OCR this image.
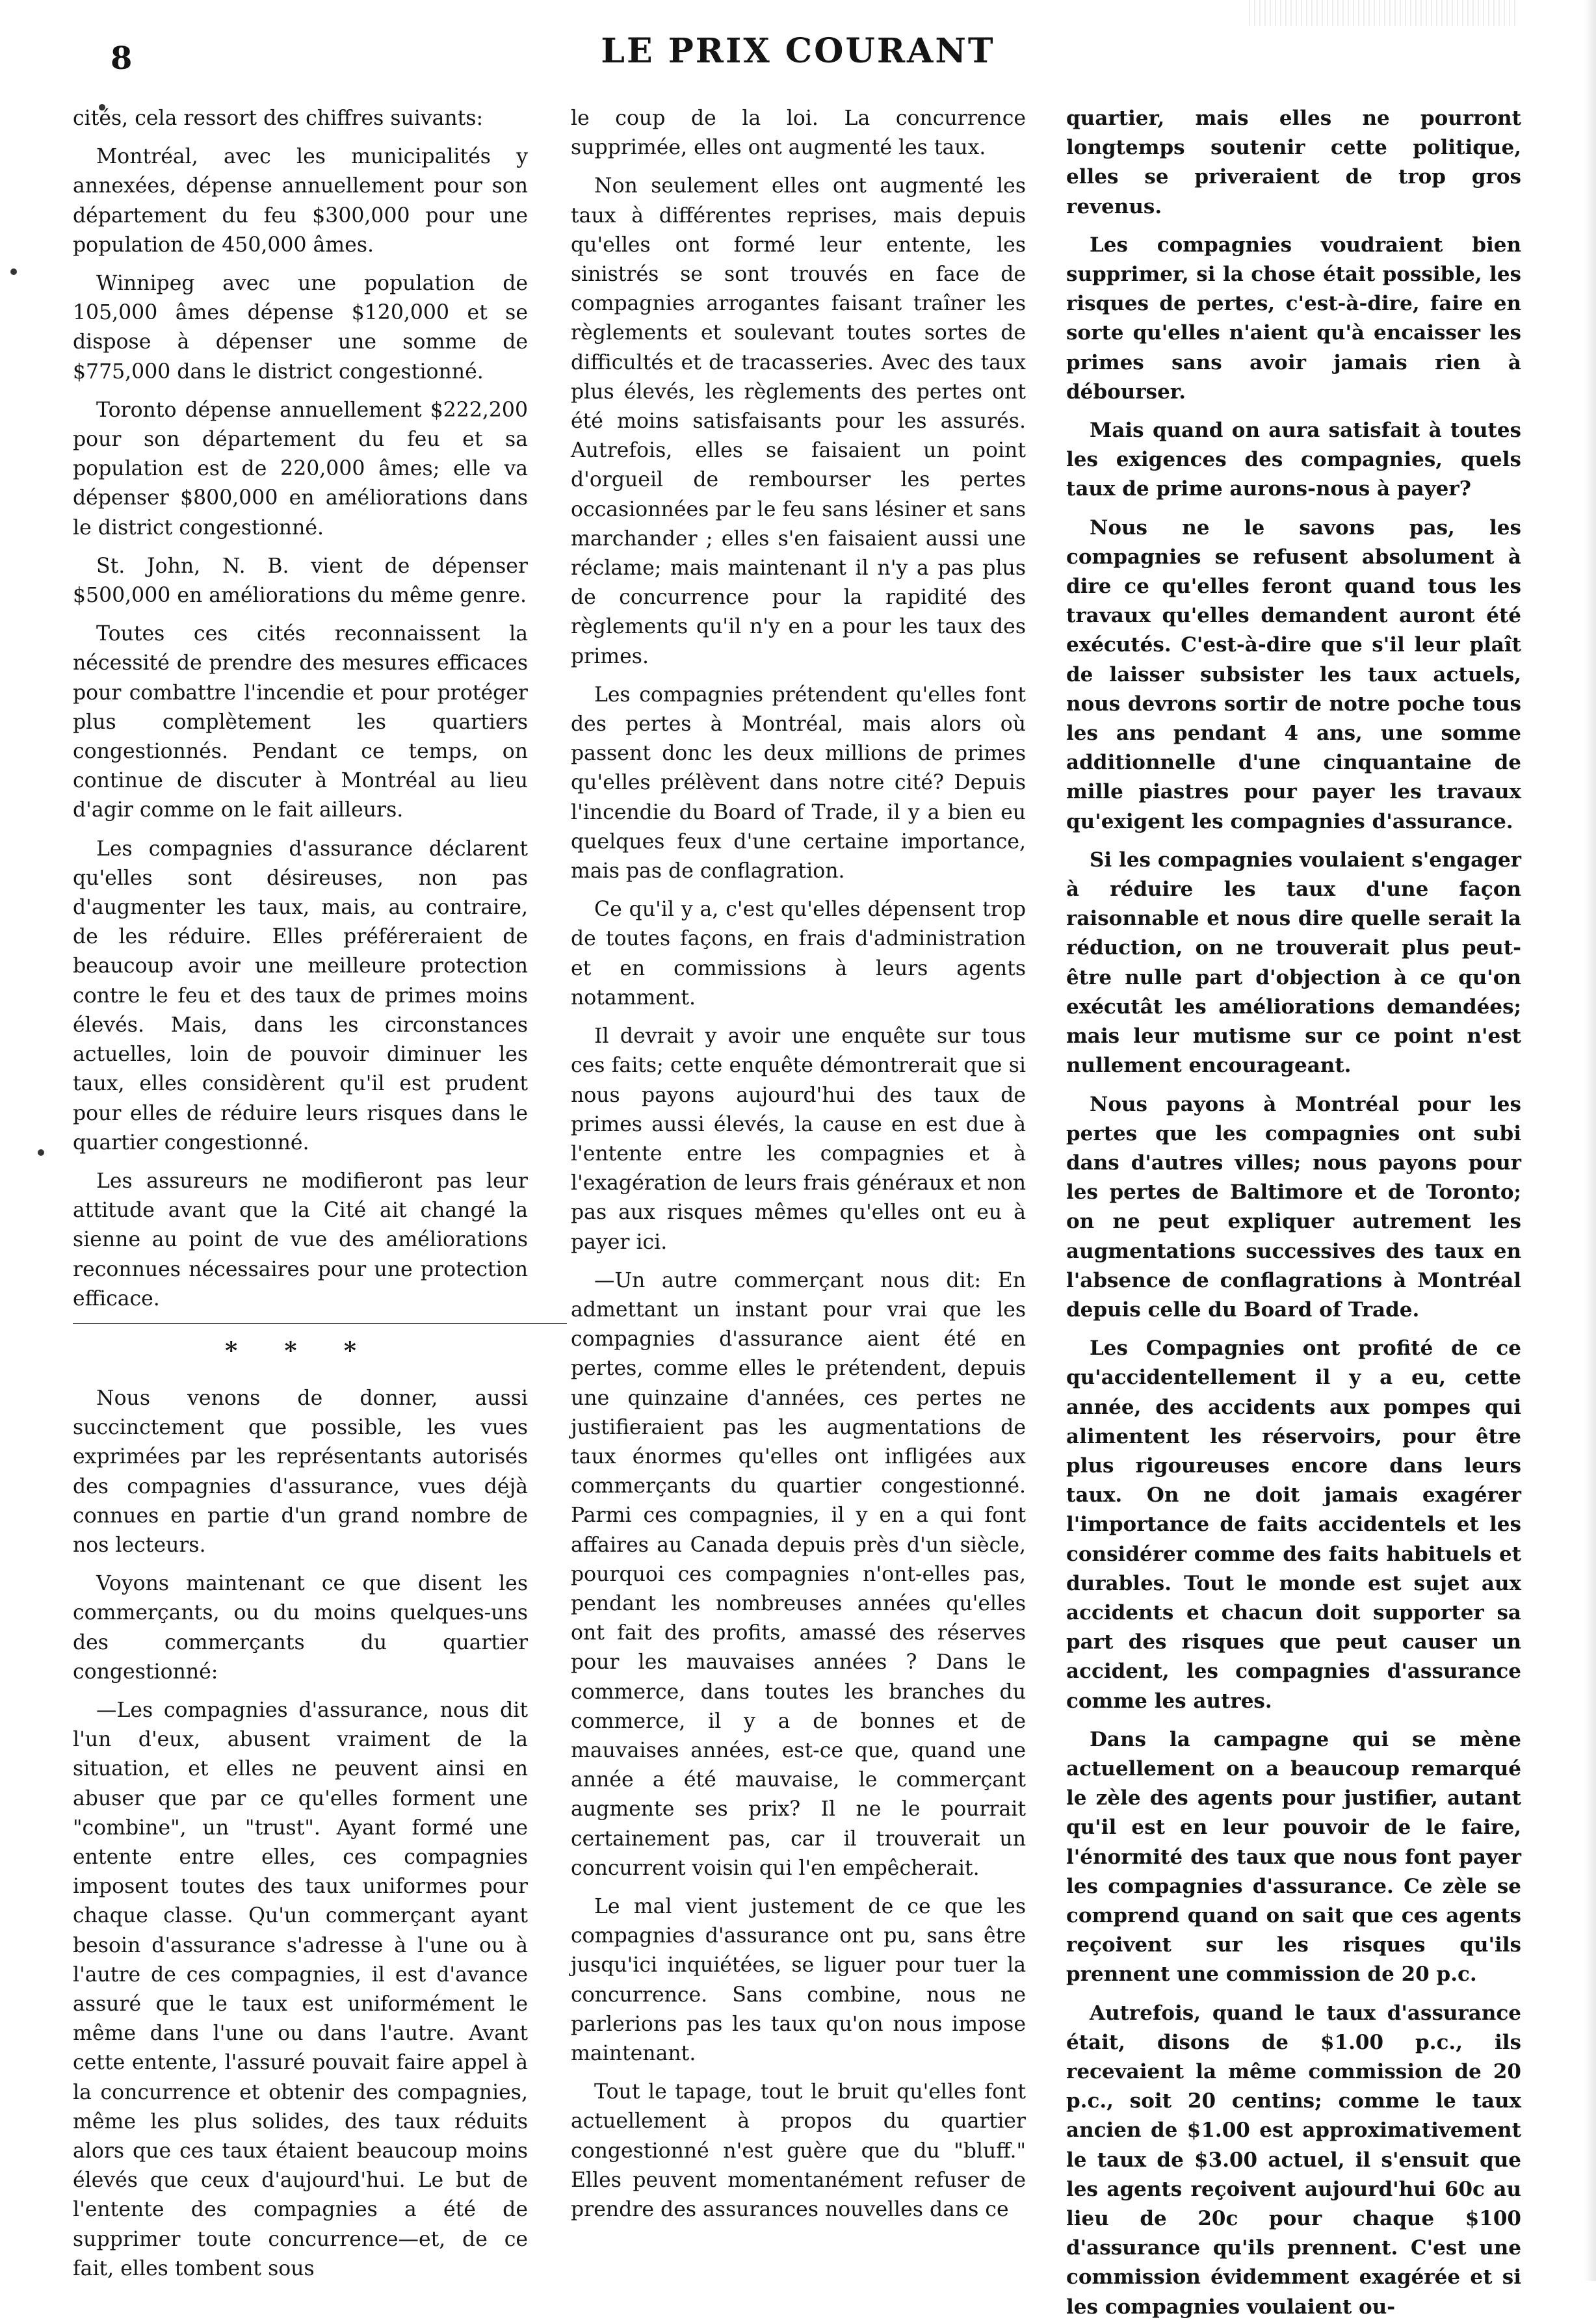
8	LE PRIX COURANT

cités, cela ressort des chiffres suivants:

Montréal, avec les municipalités y annexées, dépense annuellement pour son département du feu $300,000 pour une population de 450,000 âmes.

Winnipeg avec une population de 105,000 âmes dépense $120,000 et se dispose à dépenser une somme de $775,000 dans le district congestionné.

Toronto dépense annuellement $222,200 pour son département du feu et sa population est de 220,000 âmes; elle va dépenser $800,000 en améliorations dans le district congestionné.

St. John, N. B. vient de dépenser $500,000 en améliorations du même genre.

Toutes ces cités reconnaissent la nécessité de prendre des mesures efficaces pour combattre l'incendie et pour protéger plus complètement les quartiers congestionnés. Pendant ce temps, on continue de discuter à Montréal au lieu d'agir comme on le fait ailleurs.

Les compagnies d'assurance déclarent qu'elles sont désireuses, non pas d'augmenter les taux, mais, au contraire, de les réduire. Elles préféreraient de beaucoup avoir une meilleure protection contre le feu et des taux de primes moins élevés. Mais, dans les circonstances actuelles, loin de pouvoir diminuer les taux, elles considèrent qu'il est prudent pour elles de réduire leurs risques dans le quartier congestionné.

Les assureurs ne modifieront pas leur attitude avant que la Cité ait changé la sienne au point de vue des améliorations reconnues nécessaires pour une protection efficace.

* * *

Nous venons de donner, aussi succinctement que possible, les vues exprimées par les représentants autorisés des compagnies d'assurance, vues déjà connues en partie d'un grand nombre de nos lecteurs.

Voyons maintenant ce que disent les commerçants, ou du moins quelques-uns des commerçants du quartier congestionné:

—Les compagnies d'assurance, nous dit l'un d'eux, abusent vraiment de la situation, et elles ne peuvent ainsi en abuser que par ce qu'elles forment une "combine", un "trust". Ayant formé une entente entre elles, ces compagnies imposent toutes des taux uniformes pour chaque classe. Qu'un commerçant ayant besoin d'assurance s'adresse à l'une ou à l'autre de ces compagnies, il est d'avance assuré que le taux est uniformément le même dans l'une ou dans l'autre. Avant cette entente, l'assuré pouvait faire appel à la concurrence et obtenir des compagnies, même les plus solides, des taux réduits alors que ces taux étaient beaucoup moins élevés que ceux d'aujourd'hui. Le but de l'entente des compagnies a été de supprimer toute concurrence—et, de ce fait, elles tombent sous

le coup de la loi. La concurrence supprimée, elles ont augmenté les taux.

Non seulement elles ont augmenté les taux à différentes reprises, mais depuis qu'elles ont formé leur entente, les sinistrés se sont trouvés en face de compagnies arrogantes faisant traîner les règlements et soulevant toutes sortes de difficultés et de tracasseries. Avec des taux plus élevés, les règlements des pertes ont été moins satisfaisants pour les assurés. Autrefois, elles se faisaient un point d'orgueil de rembourser les pertes occasionnées par le feu sans lésiner et sans marchander ; elles s'en faisaient aussi une réclame; mais maintenant il n'y a pas plus de concurrence pour la rapidité des règlements qu'il n'y en a pour les taux des primes.

Les compagnies prétendent qu'elles font des pertes à Montréal, mais alors où passent donc les deux millions de primes qu'elles prélèvent dans notre cité? Depuis l'incendie du Board of Trade, il y a bien eu quelques feux d'une certaine importance, mais pas de conflagration.

Ce qu'il y a, c'est qu'elles dépensent trop de toutes façons, en frais d'administration et en commissions à leurs agents notamment.

Il devrait y avoir une enquête sur tous ces faits; cette enquête démontrerait que si nous payons aujourd'hui des taux de primes aussi élevés, la cause en est due à l'entente entre les compagnies et à l'exagération de leurs frais généraux et non pas aux risques mêmes qu'elles ont eu à payer ici.

—Un autre commerçant nous dit: En admettant un instant pour vrai que les compagnies d'assurance aient été en pertes, comme elles le prétendent, depuis une quinzaine d'années, ces pertes ne justifieraient pas les augmentations de taux énormes qu'elles ont infligées aux commerçants du quartier congestionné. Parmi ces compagnies, il y en a qui font affaires au Canada depuis près d'un siècle, pourquoi ces compagnies n'ont-elles pas, pendant les nombreuses années qu'elles ont fait des profits, amassé des réserves pour les mauvaises années ? Dans le commerce, dans toutes les branches du commerce, il y a de bonnes et de mauvaises années, est-ce que, quand une année a été mauvaise, le commerçant augmente ses prix? Il ne le pourrait certainement pas, car il trouverait un concurrent voisin qui l'en empêcherait.

Le mal vient justement de ce que les compagnies d'assurance ont pu, sans être jusqu'ici inquiétées, se liguer pour tuer la concurrence. Sans combine, nous ne parlerions pas les taux qu'on nous impose maintenant.

Tout le tapage, tout le bruit qu'elles font actuellement à propos du quartier congestionné n'est guère que du "bluff." Elles peuvent momentanément refuser de prendre des assurances nouvelles dans ce

quartier, mais elles ne pourront longtemps soutenir cette politique, elles se priveraient de trop gros revenus.

Les compagnies voudraient bien supprimer, si la chose était possible, les risques de pertes, c'est-à-dire, faire en sorte qu'elles n'aient qu'à encaisser les primes sans avoir jamais rien à débourser.

Mais quand on aura satisfait à toutes les exigences des compagnies, quels taux de prime aurons-nous à payer?

Nous ne le savons pas, les compagnies se refusent absolument à dire ce qu'elles feront quand tous les travaux qu'elles demandent auront été exécutés. C'est-à-dire que s'il leur plaît de laisser subsister les taux actuels, nous devrons sortir de notre poche tous les ans pendant 4 ans, une somme additionnelle d'une cinquantaine de mille piastres pour payer les travaux qu'exigent les compagnies d'assurance.

Si les compagnies voulaient s'engager à réduire les taux d'une façon raisonnable et nous dire quelle serait la réduction, on ne trouverait plus peut-être nulle part d'objection à ce qu'on exécutât les améliorations demandées; mais leur mutisme sur ce point n'est nullement encourageant.

Nous payons à Montréal pour les pertes que les compagnies ont subi dans d'autres villes; nous payons pour les pertes de Baltimore et de Toronto; on ne peut expliquer autrement les augmentations successives des taux en l'absence de conflagrations à Montréal depuis celle du Board of Trade.

Les Compagnies ont profité de ce qu'accidentellement il y a eu, cette année, des accidents aux pompes qui alimentent les réservoirs, pour être plus rigoureuses encore dans leurs taux. On ne doit jamais exagérer l'importance de faits accidentels et les considérer comme des faits habituels et durables. Tout le monde est sujet aux accidents et chacun doit supporter sa part des risques que peut causer un accident, les compagnies d'assurance comme les autres.

Dans la campagne qui se mène actuellement on a beaucoup remarqué le zèle des agents pour justifier, autant qu'il est en leur pouvoir de le faire, l'énormité des taux que nous font payer les compagnies d'assurance. Ce zèle se comprend quand on sait que ces agents reçoivent sur les risques qu'ils prennent une commission de 20 p.c.

Autrefois, quand le taux d'assurance était, disons de $1.00 p.c., ils recevaient la même commission de 20 p.c., soit 20 centins; comme le taux ancien de $1.00 est approximativement le taux de $3.00 actuel, il s'ensuit que les agents reçoivent aujourd'hui 60c au lieu de 20c pour chaque $100 d'assurance qu'ils prennent. C'est une commission évidemment exagérée et si les compagnies voulaient ou-
